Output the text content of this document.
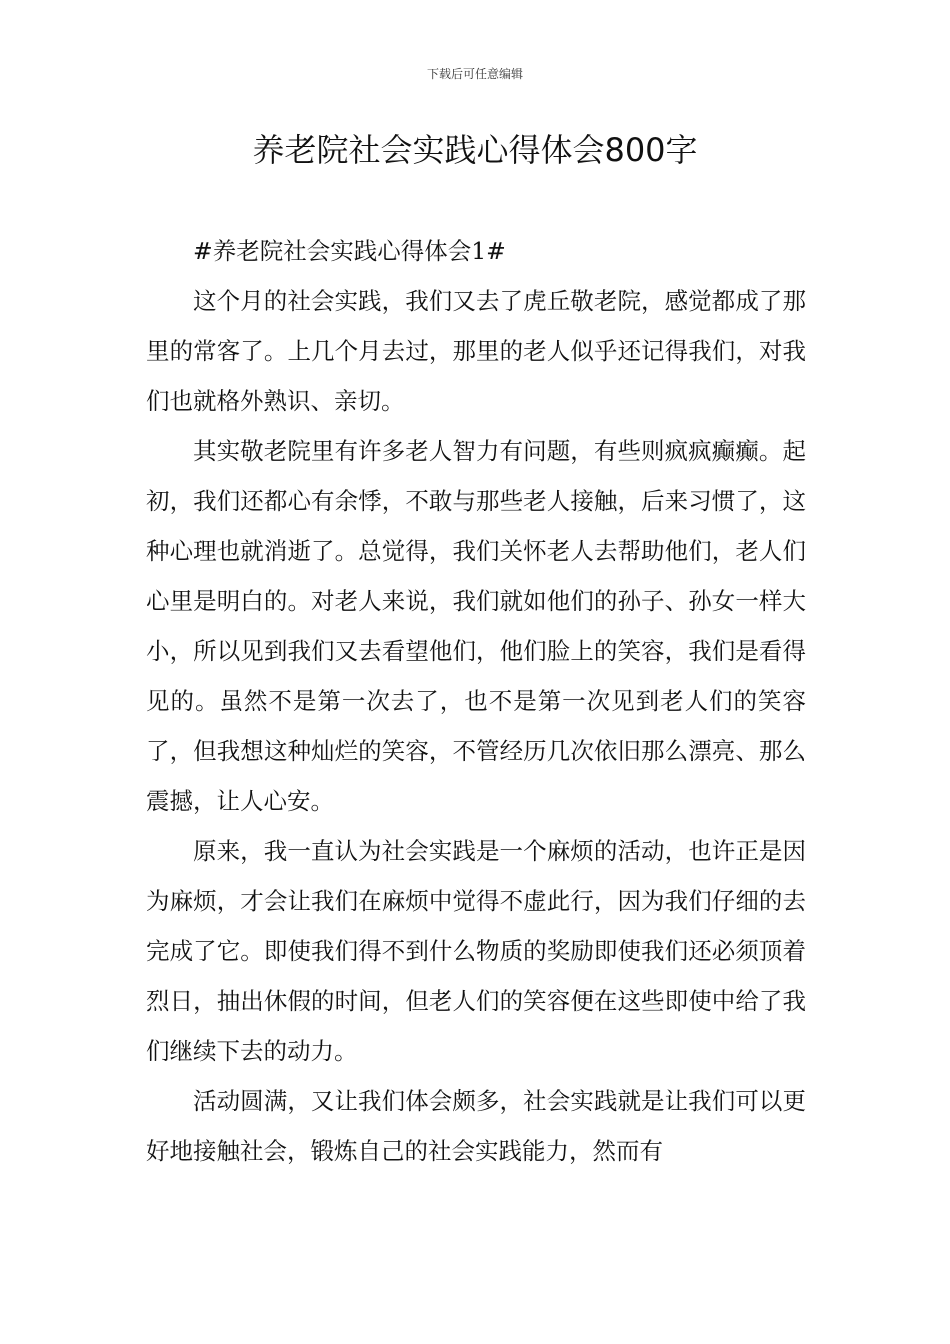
下载后可任意编辑
养老院社会实践心得体会800字

#养老院社会实践心得体会1#

这个月的社会实践，我们又去了虎丘敬老院，感觉都成了那里的常客了。上几个月去过，那里的老人似乎还记得我们，对我们也就格外熟识、亲切。

其实敬老院里有许多老人智力有问题，有些则疯疯癫癫。起初，我们还都心有余悸，不敢与那些老人接触，后来习惯了，这种心理也就消逝了。总觉得，我们关怀老人去帮助他们，老人们心里是明白的。对老人来说，我们就如他们的孙子、孙女一样大小，所以见到我们又去看望他们，他们脸上的笑容，我们是看得见的。虽然不是第一次去了，也不是第一次见到老人们的笑容了，但我想这种灿烂的笑容，不管经历几次依旧那么漂亮、那么震撼，让人心安。

原来，我一直认为社会实践是一个麻烦的活动，也许正是因为麻烦，才会让我们在麻烦中觉得不虚此行，因为我们仔细的去完成了它。即使我们得不到什么物质的奖励即使我们还必须顶着烈日，抽出休假的时间，但老人们的笑容便在这些即使中给了我们继续下去的动力。

活动圆满，又让我们体会颇多，社会实践就是让我们可以更好地接触社会，锻炼自己的社会实践能力，然而有
